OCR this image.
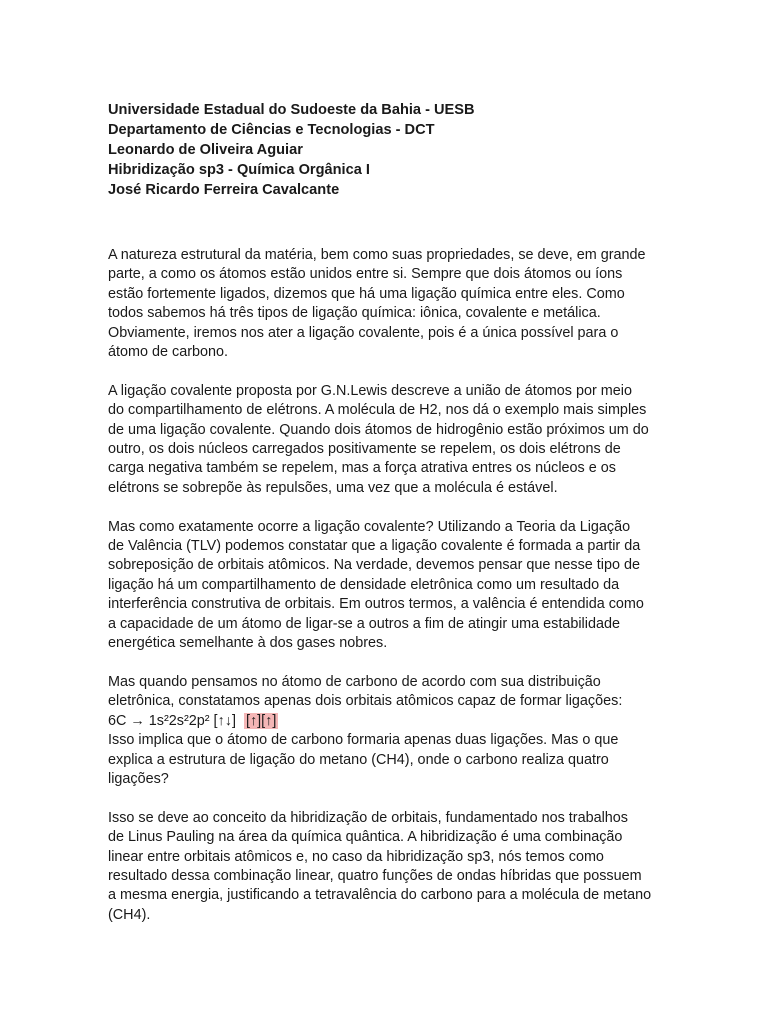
Universidade Estadual do Sudoeste da Bahia - UESB

Departamento de Ciências e Tecnologias - DCT

Leonardo de Oliveira Aguiar

Hibridização sp3 - Química Orgânica I

José Ricardo Ferreira Cavalcante

A natureza estrutural da matéria, bem como suas propriedades, se deve, em grande
parte, a como os átomos estão unidos entre si. Sempre que dois átomos ou íons
estão fortemente ligados, dizemos que há uma ligação química entre eles. Como
todos sabemos há três tipos de ligação química: iônica, covalente e metálica.
Obviamente, iremos nos ater a ligação covalente, pois é a única possível para o
átomo de carbono.

A ligação covalente proposta por G.N.Lewis descreve a união de átomos por meio
do compartilhamento de elétrons. A molécula de H2, nos dá o exemplo mais simples
de uma ligação covalente. Quando dois átomos de hidrogênio estão próximos um do
outro, os dois núcleos carregados positivamente se repelem, os dois elétrons de
carga negativa também se repelem, mas a força atrativa entres os núcleos e os
elétrons se sobrepõe às repulsões, uma vez que a molécula é estável.

Mas como exatamente ocorre a ligação covalente? Utilizando a Teoria da Ligação
de Valência (TLV) podemos constatar que a ligação covalente é formada a partir da
sobreposição de orbitais atômicos. Na verdade, devemos pensar que nesse tipo de
ligação há um compartilhamento de densidade eletrônica como um resultado da
interferência construtiva de orbitais. Em outros termos, a valência é entendida como
a capacidade de um átomo de ligar-se a outros a fim de atingir uma estabilidade
energética semelhante à dos gases nobres.

Mas quando pensamos no átomo de carbono de acordo com sua distribuição
eletrônica, constatamos apenas dois orbitais atômicos capaz de formar ligações:
6C → 1s²2s²2p² [↑↓] [↑][↑]
Isso implica que o átomo de carbono formaria apenas duas ligações. Mas o que
explica a estrutura de ligação do metano (CH4), onde o carbono realiza quatro
ligações?

Isso se deve ao conceito da hibridização de orbitais, fundamentado nos trabalhos
de Linus Pauling na área da química quântica. A hibridização é uma combinação
linear entre orbitais atômicos e, no caso da hibridização sp3, nós temos como
resultado dessa combinação linear, quatro funções de ondas híbridas que possuem
a mesma energia, justificando a tetravalência do carbono para a molécula de metano
(CH4).
